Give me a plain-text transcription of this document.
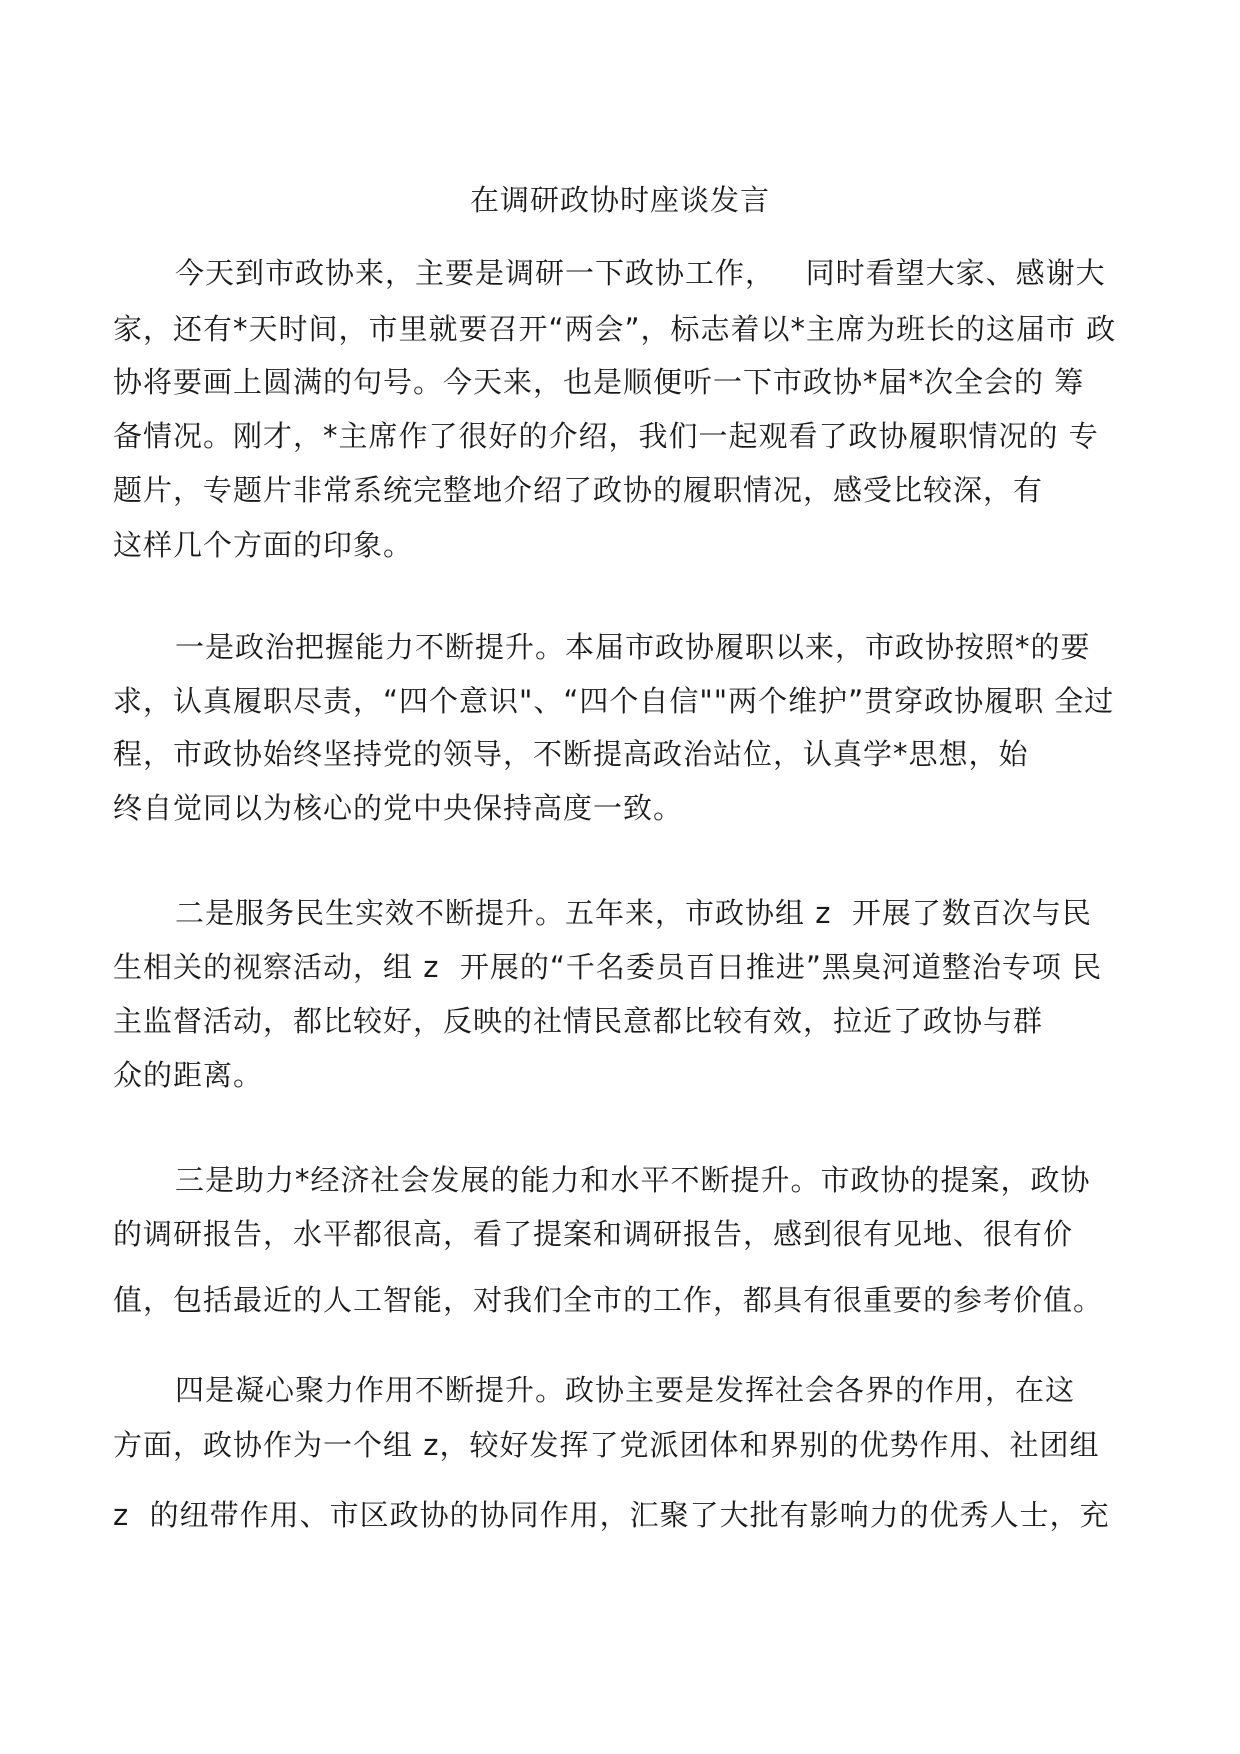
在调研政协时座谈发言
今天到市政协来，主要是调研一下政协工作，   同时看望大家、感谢大
家，还有*天时间，市里就要召开“两会”，标志着以*主席为班长的这届市 政
协将要画上圆满的句号。今天来，也是顺便听一下市政协*届*次全会的 筹
备情况。刚才，*主席作了很好的介绍，我们一起观看了政协履职情况的 专
题片，专题片非常系统完整地介绍了政协的履职情况，感受比较深，有
这样几个方面的印象。
一是政治把握能力不断提升。本届市政协履职以来，市政协按照*的要
求，认真履职尽责，“四个意识"、“四个自信""两个维护”贯穿政协履职 全过
程，市政协始终坚持党的领导，不断提高政治站位，认真学*思想，始
终自觉同以为核心的党中央保持高度一致。
二是服务民生实效不断提升。五年来，市政协组 z  开展了数百次与民
生相关的视察活动，组 z  开展的“千名委员百日推进”黑臭河道整治专项 民
主监督活动，都比较好，反映的社情民意都比较有效，拉近了政协与群
众的距离。
三是助力*经济社会发展的能力和水平不断提升。市政协的提案，政协
的调研报告，水平都很高，看了提案和调研报告，感到很有见地、很有价
值，包括最近的人工智能，对我们全市的工作，都具有很重要的参考价值。
四是凝心聚力作用不断提升。政协主要是发挥社会各界的作用，在这
方面，政协作为一个组 z，较好发挥了党派团体和界别的优势作用、社团组
z  的纽带作用、市区政协的协同作用，汇聚了大批有影响力的优秀人士，充
